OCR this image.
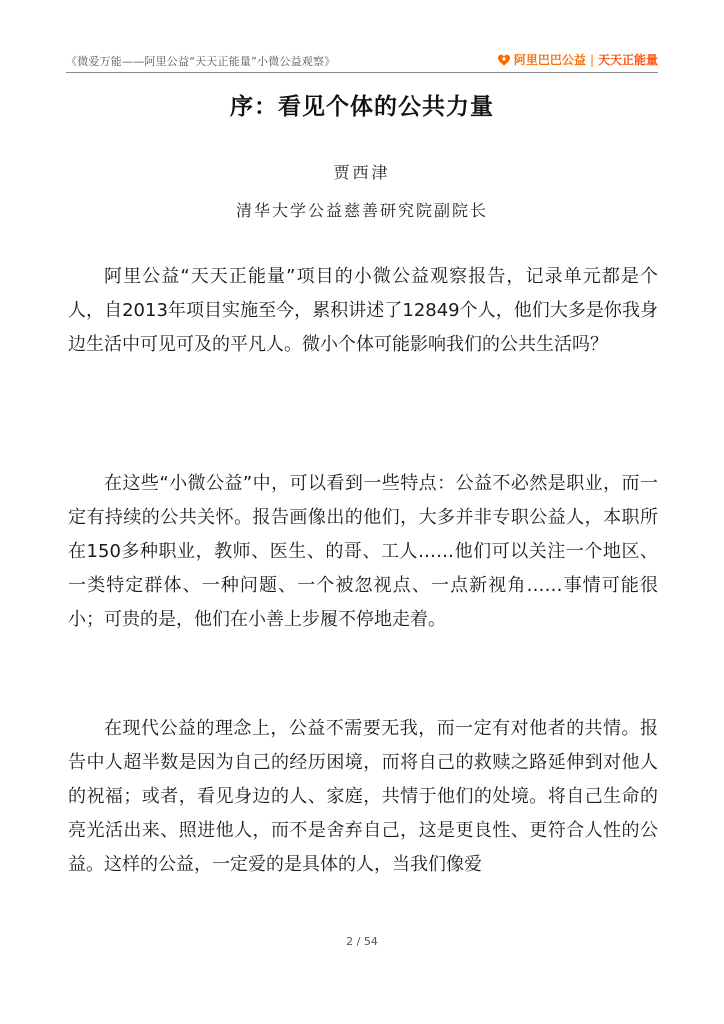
《微爱万能——阿里公益“天天正能量”小微公益观察》	阿里巴巴公益 | 天天正能量
序：看见个体的公共力量
贾西津
清华大学公益慈善研究院副院长

阿里公益“天天正能量”项目的小微公益观察报告，记录单元都是个人，自2013年项目实施至今，累积讲述了12849个人，他们大多是你我身边生活中可见可及的平凡人。微小个体可能影响我们的公共生活吗？

在这些“小微公益”中，可以看到一些特点：公益不必然是职业，而一定有持续的公共关怀。报告画像出的他们，大多并非专职公益人，本职所在150多种职业，教师、医生、的哥、工人……他们可以关注一个地区、一类特定群体、一种问题、一个被忽视点、一点新视角……事情可能很小；可贵的是，他们在小善上步履不停地走着。

在现代公益的理念上，公益不需要无我，而一定有对他者的共情。报告中人超半数是因为自己的经历困境，而将自己的救赎之路延伸到对他人的祝福；或者，看见身边的人、家庭，共情于他们的处境。将自己生命的亮光活出来、照进他人，而不是舍弃自己，这是更良性、更符合人性的公益。这样的公益，一定爱的是具体的人，当我们像爱

2 / 54
